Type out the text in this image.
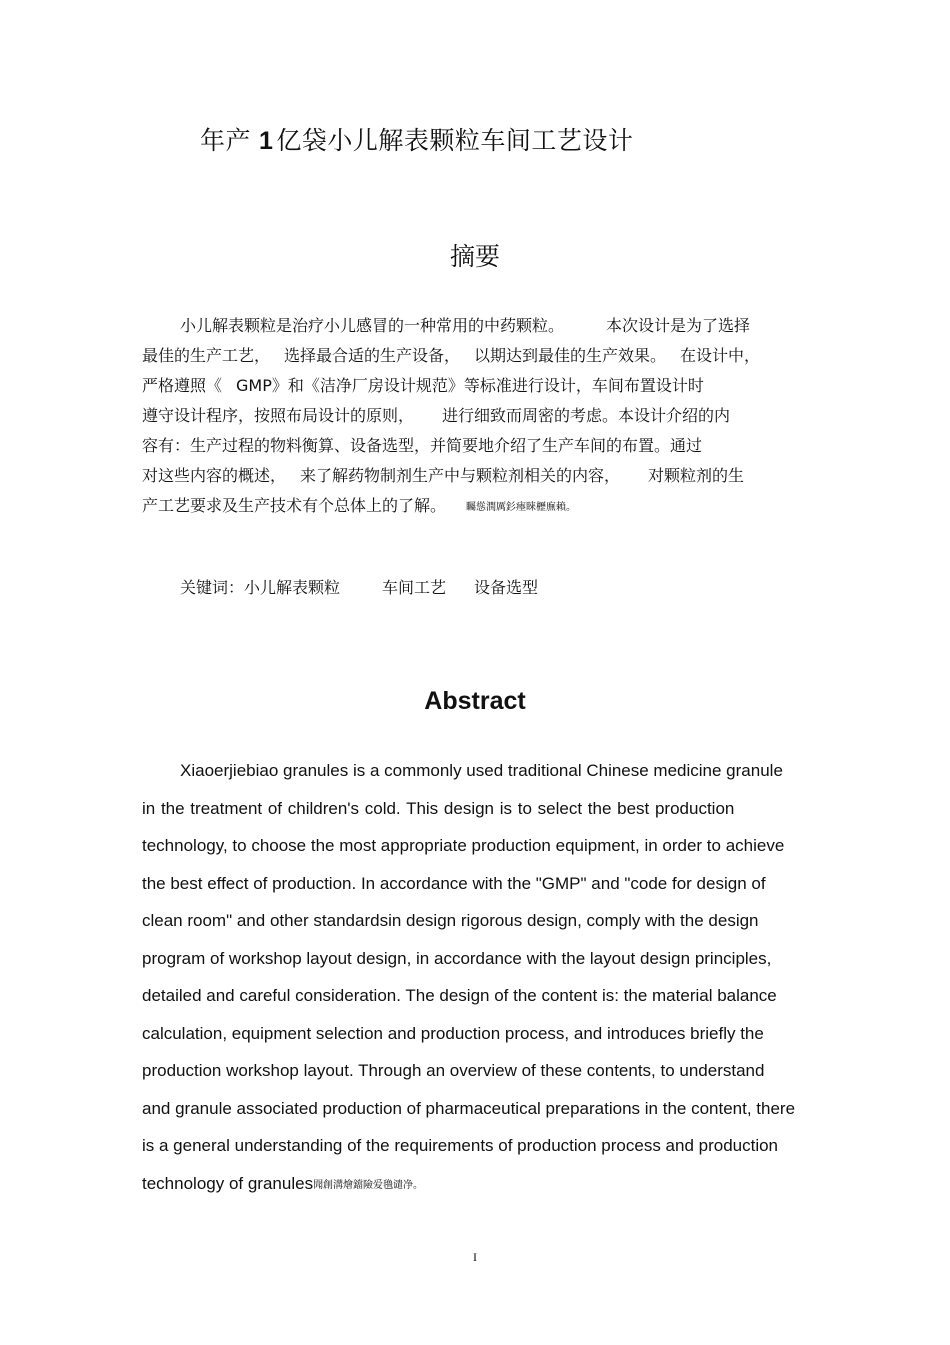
年产 1 亿袋小儿解表颗粒车间工艺设计
摘要
小儿解表颗粒是治疗小儿感冒的一种常用的中药颗粒。	本次设计是为了选择
最佳的生产工艺， 选择最合适的生产设备， 以期达到最佳的生产效果。 在设计中，
严格遵照《 GMP》和《洁净厂房设计规范》等标准进行设计，车间布置设计时
遵守设计程序，按照布局设计的原则， 进行细致而周密的考虑。本设计介绍的内
容有：生产过程的物料衡算、设备选型，并简要地介绍了生产车间的布置。通过
对这些内容的概述， 来了解药物制剂生产中与颗粒剂相关的内容， 对颗粒剂的生
产工艺要求及生产技术有个总体上的了解。 矚慫潤厲釤瘞睞櫪廡賴。
关键词：小儿解表颗粒	车间工艺 设备选型
Abstract
Xiaoerjiebiao granules is a commonly used traditional Chinese medicine granule
in the treatment of children's cold. This design is to select the best production
technology, to choose the most appropriate production equipment, in order to achieve
the best effect of production. In accordance with the "GMP" and "code for design of
clean room" and other standardsin design rigorous design, comply with the design
program of workshop layout design, in accordance with the layout design principles,
detailed and careful consideration. The design of the content is: the material balance
calculation, equipment selection and production process, and introduces briefly the
production workshop layout. Through an overview of these contents, to understand
and granule associated production of pharmaceutical preparations in the content, there
is a general understanding of the requirements of production process and production
technology of granules聞創溝燴鐺險爱氇谴净。
I
